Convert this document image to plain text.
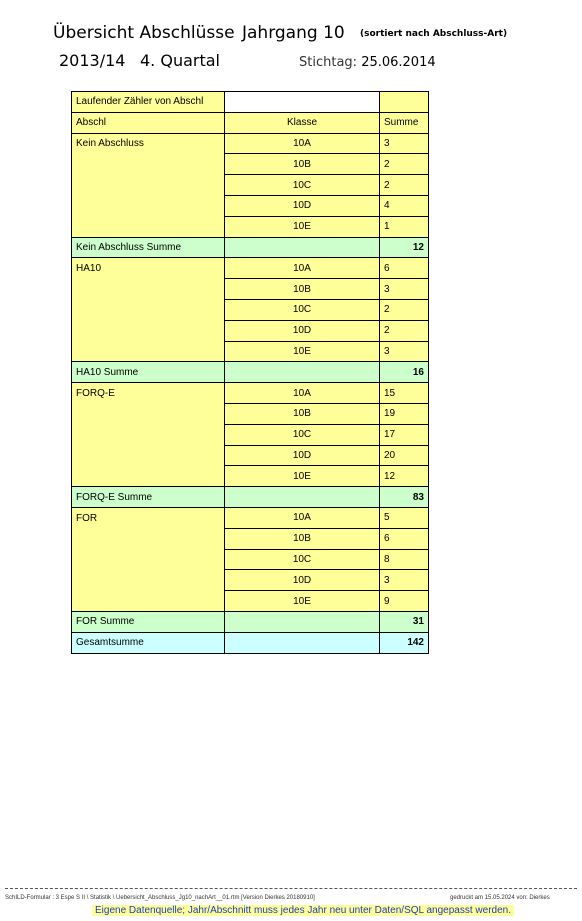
Übersicht Abschlüsse Jahrgang 10 (sortiert nach Abschluss-Art)
2013/14 4. Quartal	Stichtag: 25.06.2014
Laufender Zähler von Abschl		
Abschl	Klasse	Summe
Kein Abschluss	10A	3
	10B	2
	10C	2
	10D	4
	10E	1
Kein Abschluss Summe		12
HA10	10A	6
	10B	3
	10C	2
	10D	2
	10E	3
HA10 Summe		16
FORQ-E	10A	15
	10B	19
	10C	17
	10D	20
	10E	12
FORQ-E Summe		83
FOR	10A	5
	10B	6
	10C	8
	10D	3
	10E	9
FOR Summe		31
Gesamtsumme		142
SchILD-Formular : 3 Espe S II \ Statistik \ Uebersicht_Abschluss_Jg10_nachArt__01.rtm [Version Dierkes 20180910]	gedruckt am 15.05.2024 von: Dierkes
Eigene Datenquelle; Jahr/Abschnitt muss jedes Jahr neu unter Daten/SQL angepasst werden.
